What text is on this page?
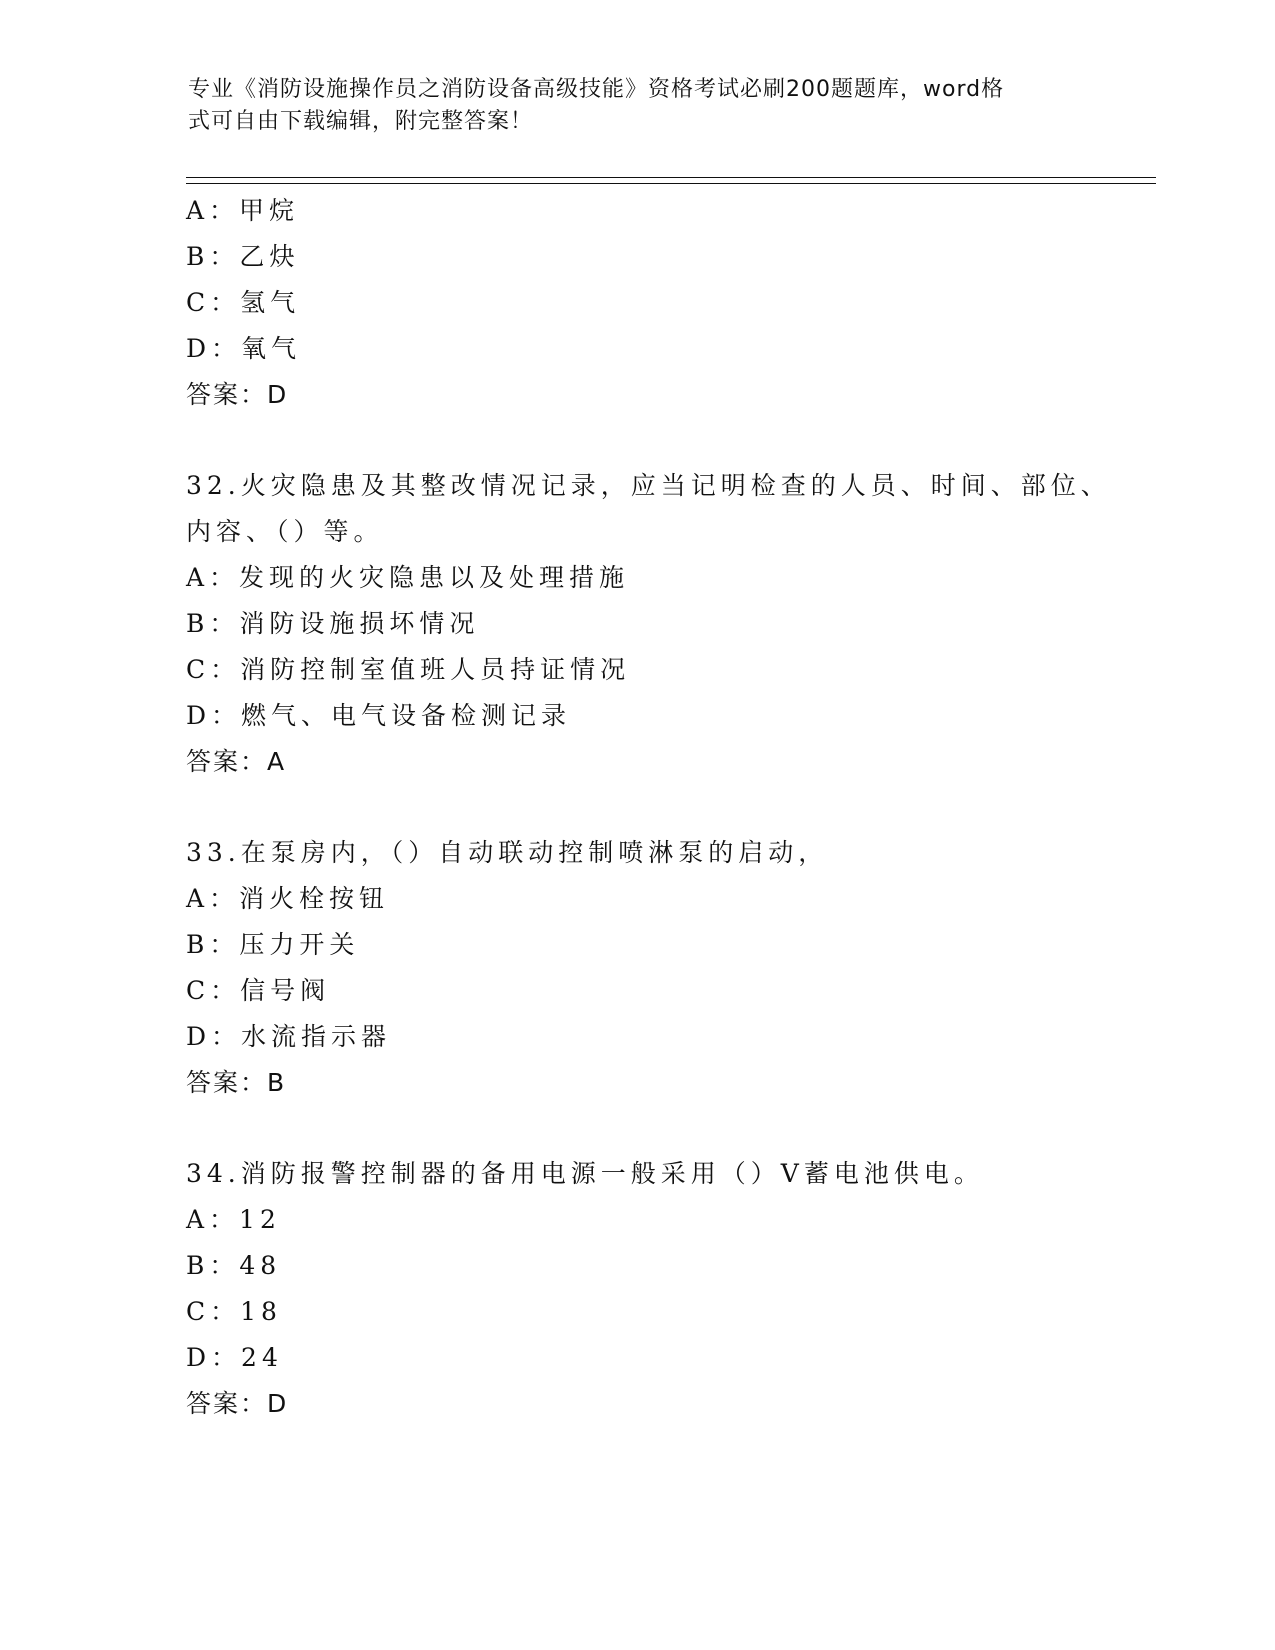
专业《消防设施操作员之消防设备高级技能》资格考试必刷200题题库，word格
式可自由下载编辑，附完整答案！
A：甲烷
B：乙炔
C：氢气
D：氧气
答案：D
32.火灾隐患及其整改情况记录，应当记明检查的人员、时间、部位、
内容、（）等。
A：发现的火灾隐患以及处理措施
B：消防设施损坏情况
C：消防控制室值班人员持证情况
D：燃气、电气设备检测记录
答案：A
33.在泵房内，（）自动联动控制喷淋泵的启动，
A：消火栓按钮
B：压力开关
C：信号阀
D：水流指示器
答案：B
34.消防报警控制器的备用电源一般采用（）V蓄电池供电。
A：12
B：48
C：18
D：24
答案：D
